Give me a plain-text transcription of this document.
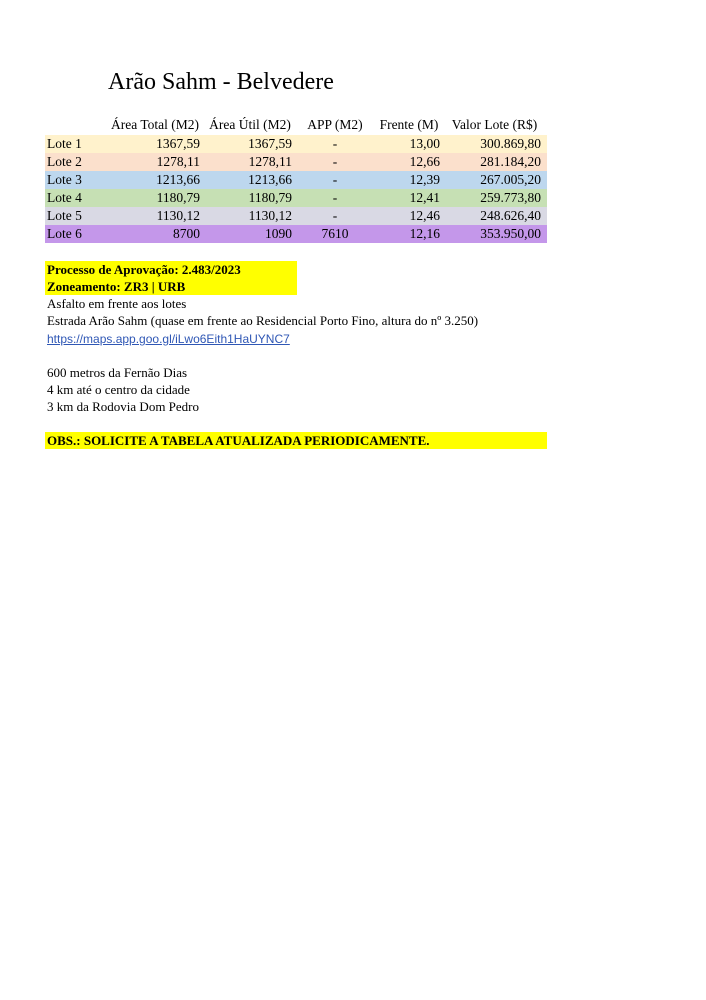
Arão Sahm - Belvedere
	Área Total (M2)	Área Útil (M2)	APP (M2)	Frente (M)	Valor Lote (R$)
Lote 1	1367,59	1367,59	-	13,00	300.869,80
Lote 2	1278,11	1278,11	-	12,66	281.184,20
Lote 3	1213,66	1213,66	-	12,39	267.005,20
Lote 4	1180,79	1180,79	-	12,41	259.773,80
Lote 5	1130,12	1130,12	-	12,46	248.626,40
Lote 6	8700	1090	7610	12,16	353.950,00
Processo de Aprovação: 2.483/2023
Zoneamento: ZR3 | URB
Asfalto em frente aos lotes
Estrada Arão Sahm (quase em frente ao Residencial Porto Fino, altura do nº 3.250)
https://maps.app.goo.gl/iLwo6Eith1HaUYNC7
600 metros da Fernão Dias
4 km até o centro da cidade
3 km da Rodovia Dom Pedro
OBS.: SOLICITE A TABELA ATUALIZADA PERIODICAMENTE.
